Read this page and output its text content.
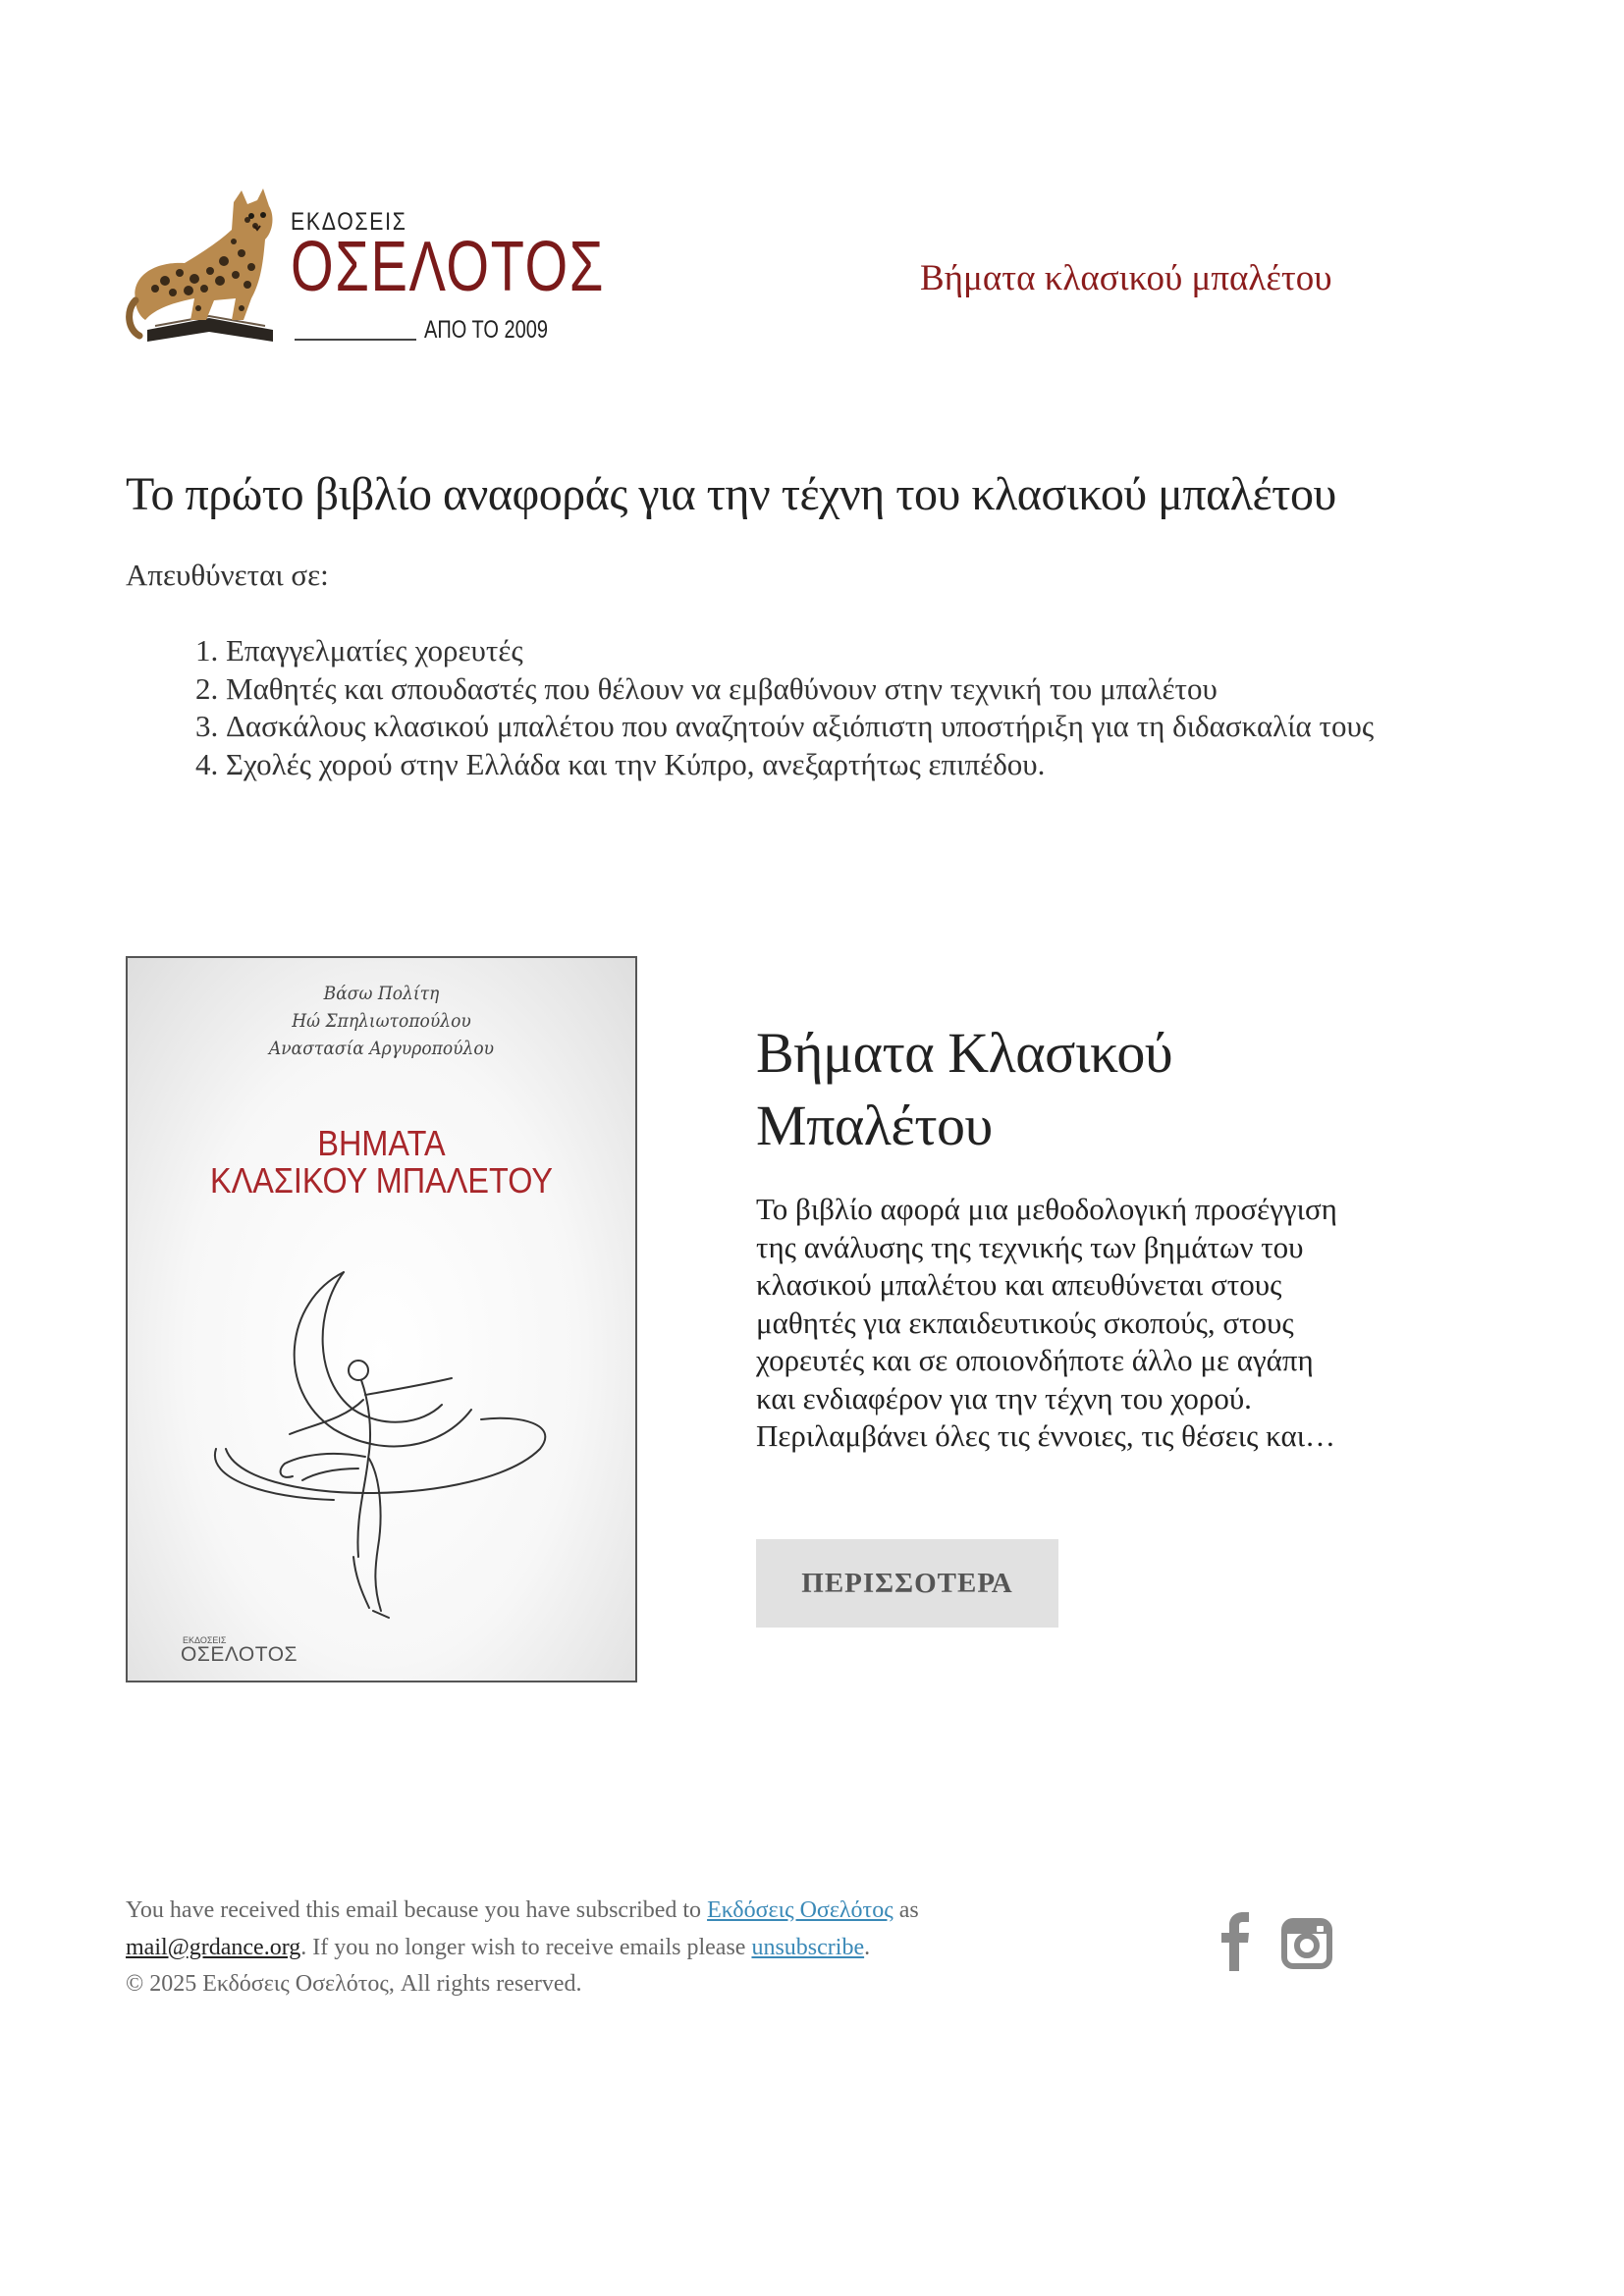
ΕΚΔΟΣΕΙΣ
ΟΣΕΛΟΤΟΣ
ΑΠΟ ΤΟ 2009
Βήματα κλασικού μπαλέτου
Το πρώτο βιβλίο αναφοράς για την τέχνη του κλασικού μπαλέτου
Απευθύνεται σε:
1. Επαγγελματίες χορευτές
2. Μαθητές και σπουδαστές που θέλουν να εμβαθύνουν στην τεχνική του μπαλέτου
3. Δασκάλους κλασικού μπαλέτου που αναζητούν αξιόπιστη υποστήριξη για τη διδασκαλία τους
4. Σχολές χορού στην Ελλάδα και την Κύπρο, ανεξαρτήτως επιπέδου.
Βάσω Πολίτη
Ηώ Σπηλιωτοπούλου
Αναστασία Αργυροπούλου
ΒΗΜΑΤΑ
ΚΛΑΣΙΚΟΥ ΜΠΑΛΕΤΟΥ
ΕΚΔΟΣΕΙΣ
ΟΣΕΛΟΤΟΣ
Βήματα Κλασικού Μπαλέτου
Το βιβλίο αφορά μια μεθοδολογική προσέγγιση της ανάλυσης της τεχνικής των βημάτων του κλασικού μπαλέτου και απευθύνεται στους μαθητές για εκπαιδευτικούς σκοπούς, στους χορευτές και σε οποιονδήποτε άλλο με αγάπη και ενδιαφέρον για την τέχνη του χορού. Περιλαμβάνει όλες τις έννοιες, τις θέσεις και…
ΠΕΡΙΣΣΟΤΕΡΑ
You have received this email because you have subscribed to Εκδόσεις Οσελότος as
mail@grdance.org. If you no longer wish to receive emails please unsubscribe.
© 2025 Εκδόσεις Οσελότος, All rights reserved.
